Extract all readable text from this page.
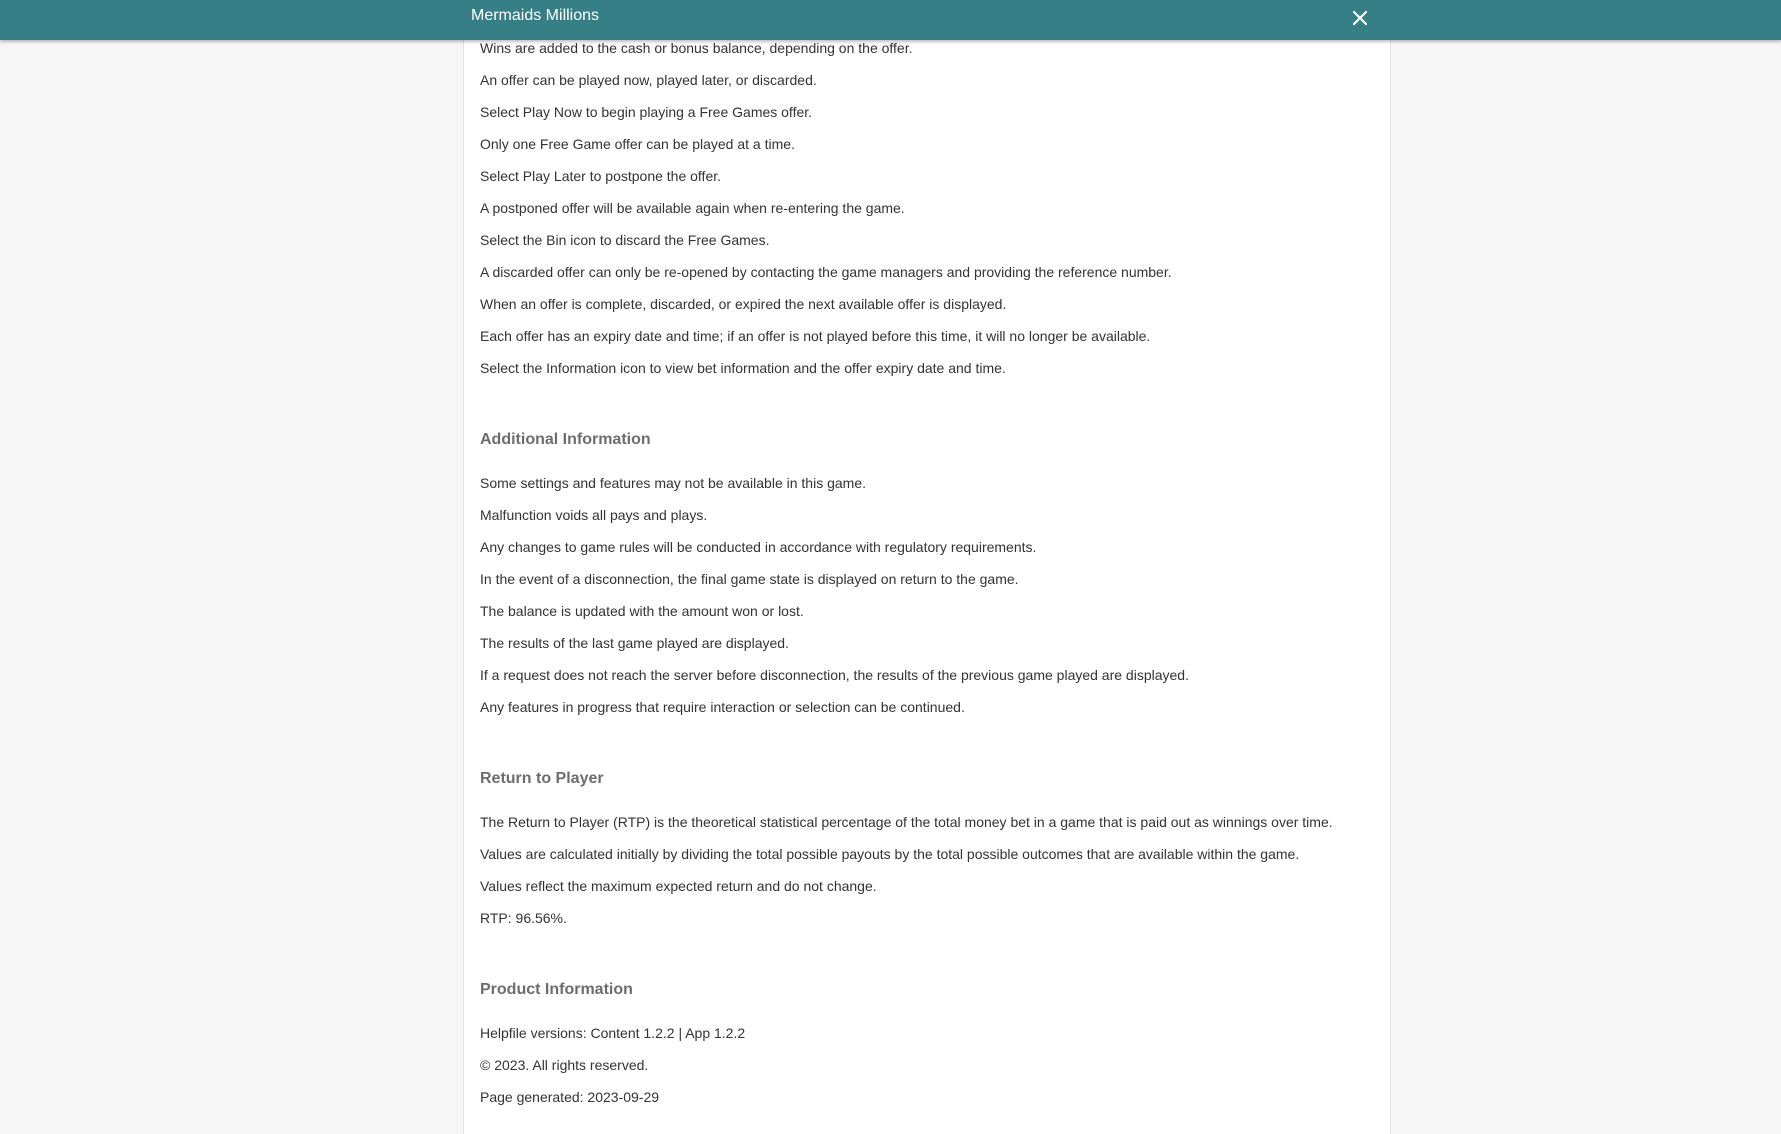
Wins are added to the cash or bonus balance, depending on the offer.
An offer can be played now, played later, or discarded.
Select Play Now to begin playing a Free Games offer.
Only one Free Game offer can be played at a time.
Select Play Later to postpone the offer.
A postponed offer will be available again when re-entering the game.
Select the Bin icon to discard the Free Games.
A discarded offer can only be re-opened by contacting the game managers and providing the reference number.
When an offer is complete, discarded, or expired the next available offer is displayed.
Each offer has an expiry date and time; if an offer is not played before this time, it will no longer be available.
Select the Information icon to view bet information and the offer expiry date and time.
Additional Information
Some settings and features may not be available in this game.
Malfunction voids all pays and plays.
Any changes to game rules will be conducted in accordance with regulatory requirements.
In the event of a disconnection, the final game state is displayed on return to the game.
The balance is updated with the amount won or lost.
The results of the last game played are displayed.
If a request does not reach the server before disconnection, the results of the previous game played are displayed.
Any features in progress that require interaction or selection can be continued.
Return to Player
The Return to Player (RTP) is the theoretical statistical percentage of the total money bet in a game that is paid out as winnings over time.
Values are calculated initially by dividing the total possible payouts by the total possible outcomes that are available within the game.
Values reflect the maximum expected return and do not change.
RTP: 96.56%.
Product Information
Helpfile versions: Content 1.2.2 | App 1.2.2
© 2023. All rights reserved.
Page generated: 2023-09-29
Mermaids Millions
